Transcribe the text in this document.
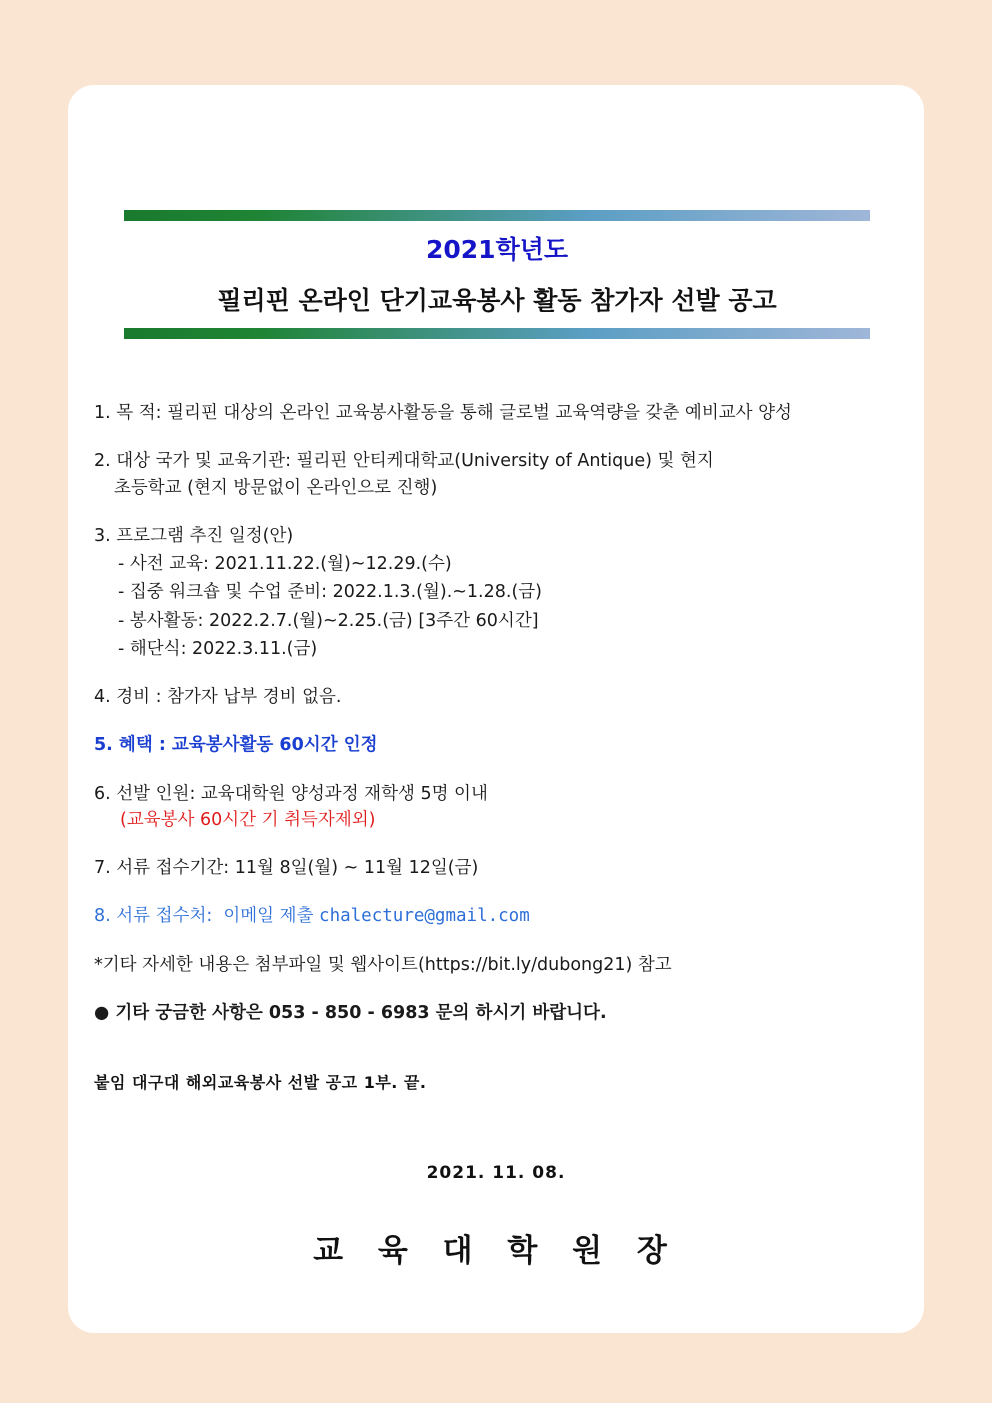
2021학년도
필리핀 온라인 단기교육봉사 활동 참가자 선발 공고
1. 목 적: 필리핀 대상의 온라인 교육봉사활동을 통해 글로벌 교육역량을 갖춘 예비교사 양성
2. 대상 국가 및 교육기관: 필리핀 안티케대학교(University of Antique) 및 현지
초등학교 (현지 방문없이 온라인으로 진행)
3. 프로그램 추진 일정(안)
- 사전 교육: 2021.11.22.(월)~12.29.(수)
- 집중 워크숍 및 수업 준비: 2022.1.3.(월).~1.28.(금)
- 봉사활동: 2022.2.7.(월)~2.25.(금) [3주간 60시간]
- 해단식: 2022.3.11.(금)
4. 경비 : 참가자 납부 경비 없음.
5. 혜택 : 교육봉사활동 60시간 인정
6. 선발 인원: 교육대학원 양성과정 재학생 5명 이내
(교육봉사 60시간 기 취득자제외)
7. 서류 접수기간: 11월 8일(월) ~ 11월 12일(금)
8. 서류 접수처:  이메일 제출 chalecture@gmail.com
*기타 자세한 내용은 첨부파일 및 웹사이트(https://bit.ly/dubong21) 참고
● 기타 궁금한 사항은 053 - 850 - 6983 문의 하시기 바랍니다.
붙임 대구대 해외교육봉사 선발 공고 1부. 끝.
2021. 11. 08.
교 육 대 학 원 장
